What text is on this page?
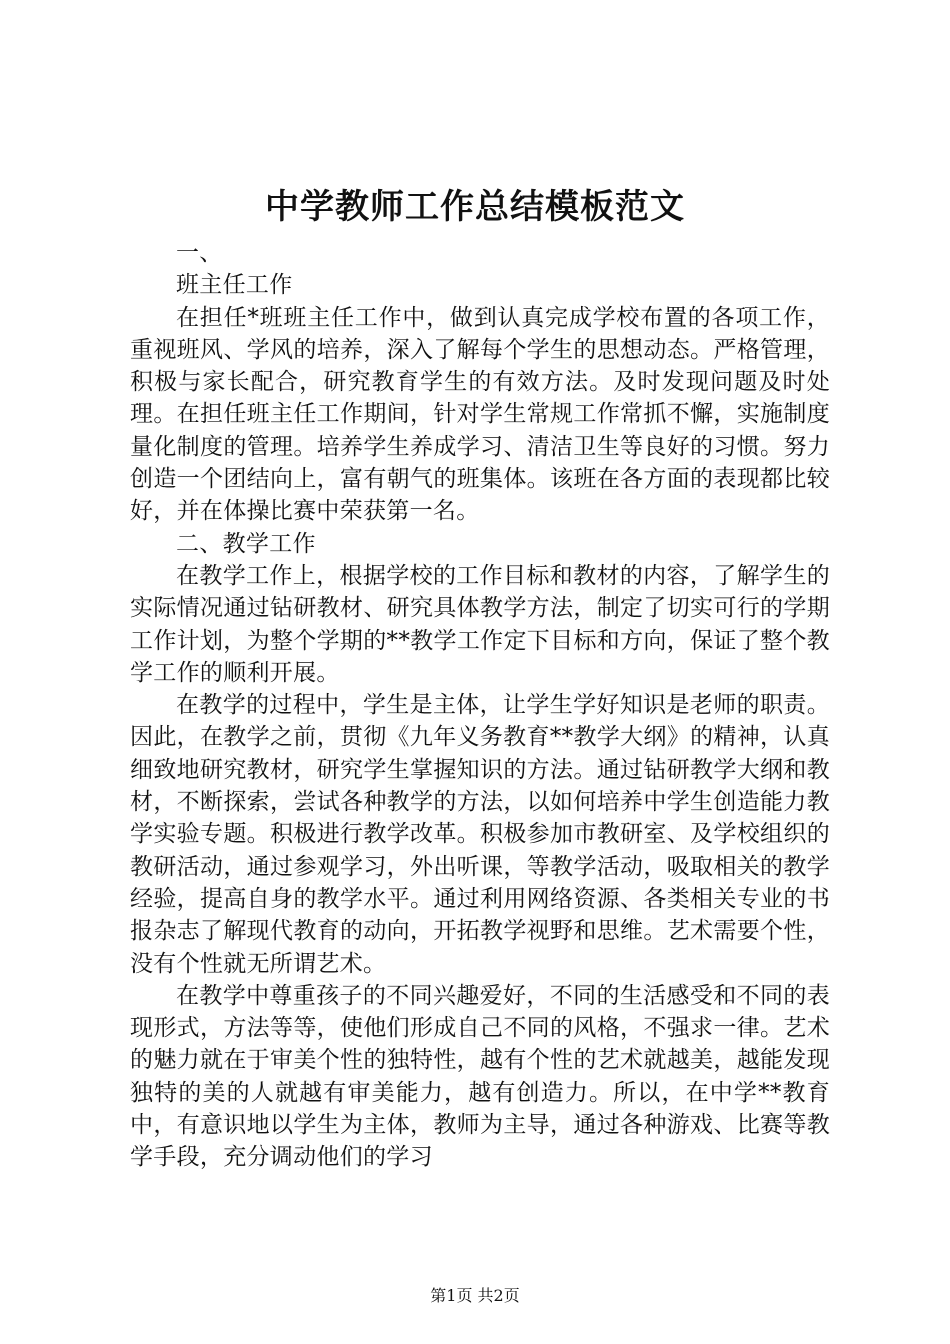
中学教师工作总结模板范文

一、

班主任工作

在担任*班班主任工作中，做到认真完成学校布置的各项工作，重视班风、学风的培养，深入了解每个学生的思想动态。严格管理，积极与家长配合，研究教育学生的有效方法。及时发现问题及时处理。在担任班主任工作期间，针对学生常规工作常抓不懈，实施制度量化制度的管理。培养学生养成学习、清洁卫生等良好的习惯。努力创造一个团结向上，富有朝气的班集体。该班在各方面的表现都比较好，并在体操比赛中荣获第一名。

二、教学工作

在教学工作上，根据学校的工作目标和教材的内容，了解学生的实际情况通过钻研教材、研究具体教学方法，制定了切实可行的学期工作计划，为整个学期的**教学工作定下目标和方向，保证了整个教学工作的顺利开展。

在教学的过程中，学生是主体，让学生学好知识是老师的职责。因此，在教学之前，贯彻《九年义务教育**教学大纲》的精神，认真细致地研究教材，研究学生掌握知识的方法。通过钻研教学大纲和教材，不断探索，尝试各种教学的方法，以如何培养中学生创造能力教学实验专题。积极进行教学改革。积极参加市教研室、及学校组织的教研活动，通过参观学习，外出听课，等教学活动，吸取相关的教学经验，提高自身的教学水平。通过利用网络资源、各类相关专业的书报杂志了解现代教育的动向，开拓教学视野和思维。艺术需要个性，没有个性就无所谓艺术。

在教学中尊重孩子的不同兴趣爱好，不同的生活感受和不同的表现形式，方法等等，使他们形成自己不同的风格，不强求一律。艺术的魅力就在于审美个性的独特性，越有个性的艺术就越美，越能发现独特的美的人就越有审美能力，越有创造力。所以，在中学**教育中，有意识地以学生为主体，教师为主导，通过各种游戏、比赛等教学手段，充分调动他们的学习

第1页 共2页
